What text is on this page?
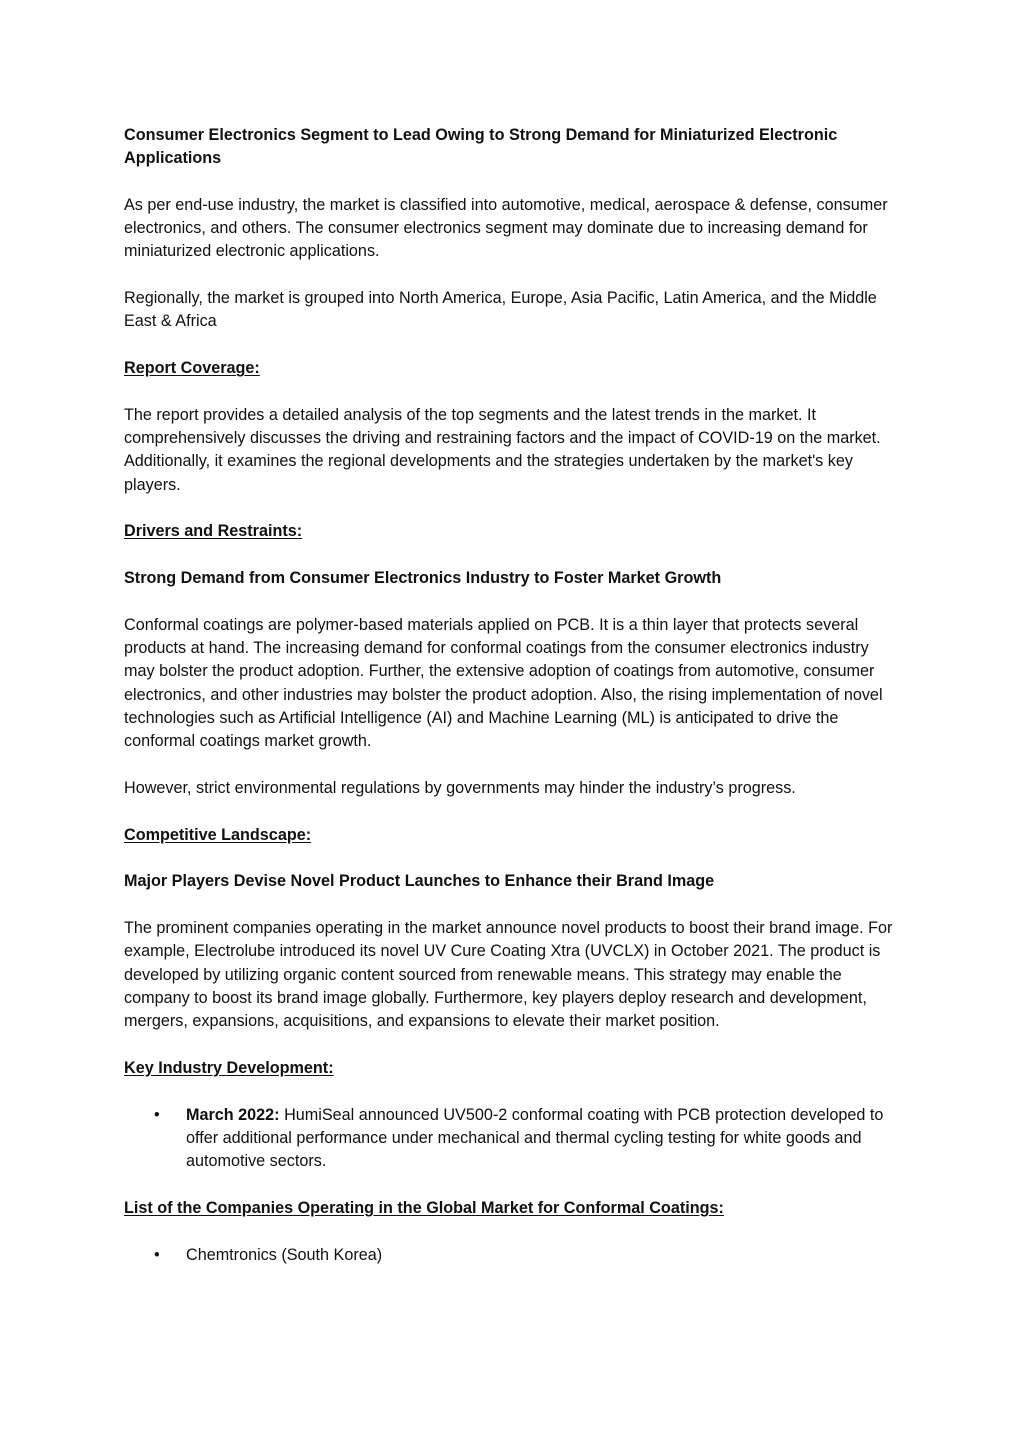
Consumer Electronics Segment to Lead Owing to Strong Demand for Miniaturized Electronic Applications

As per end-use industry, the market is classified into automotive, medical, aerospace & defense, consumer electronics, and others. The consumer electronics segment may dominate due to increasing demand for miniaturized electronic applications.

Regionally, the market is grouped into North America, Europe, Asia Pacific, Latin America, and the Middle East & Africa

Report Coverage:

The report provides a detailed analysis of the top segments and the latest trends in the market. It comprehensively discusses the driving and restraining factors and the impact of COVID-19 on the market. Additionally, it examines the regional developments and the strategies undertaken by the market's key players.

Drivers and Restraints:
Strong Demand from Consumer Electronics Industry to Foster Market Growth

Conformal coatings are polymer-based materials applied on PCB. It is a thin layer that protects several products at hand. The increasing demand for conformal coatings from the consumer electronics industry may bolster the product adoption. Further, the extensive adoption of coatings from automotive, consumer electronics, and other industries may bolster the product adoption. Also, the rising implementation of novel technologies such as Artificial Intelligence (AI) and Machine Learning (ML) is anticipated to drive the conformal coatings market growth.

However, strict environmental regulations by governments may hinder the industry’s progress.

Competitive Landscape:
Major Players Devise Novel Product Launches to Enhance their Brand Image

The prominent companies operating in the market announce novel products to boost their brand image. For example, Electrolube introduced its novel UV Cure Coating Xtra (UVCLX) in October 2021. The product is developed by utilizing organic content sourced from renewable means. This strategy may enable the company to boost its brand image globally. Furthermore, key players deploy research and development, mergers, expansions, acquisitions, and expansions to elevate their market position.

Key Industry Development:
• March 2022: HumiSeal announced UV500-2 conformal coating with PCB protection developed to offer additional performance under mechanical and thermal cycling testing for white goods and automotive sectors.
List of the Companies Operating in the Global Market for Conformal Coatings:
• Chemtronics (South Korea)
